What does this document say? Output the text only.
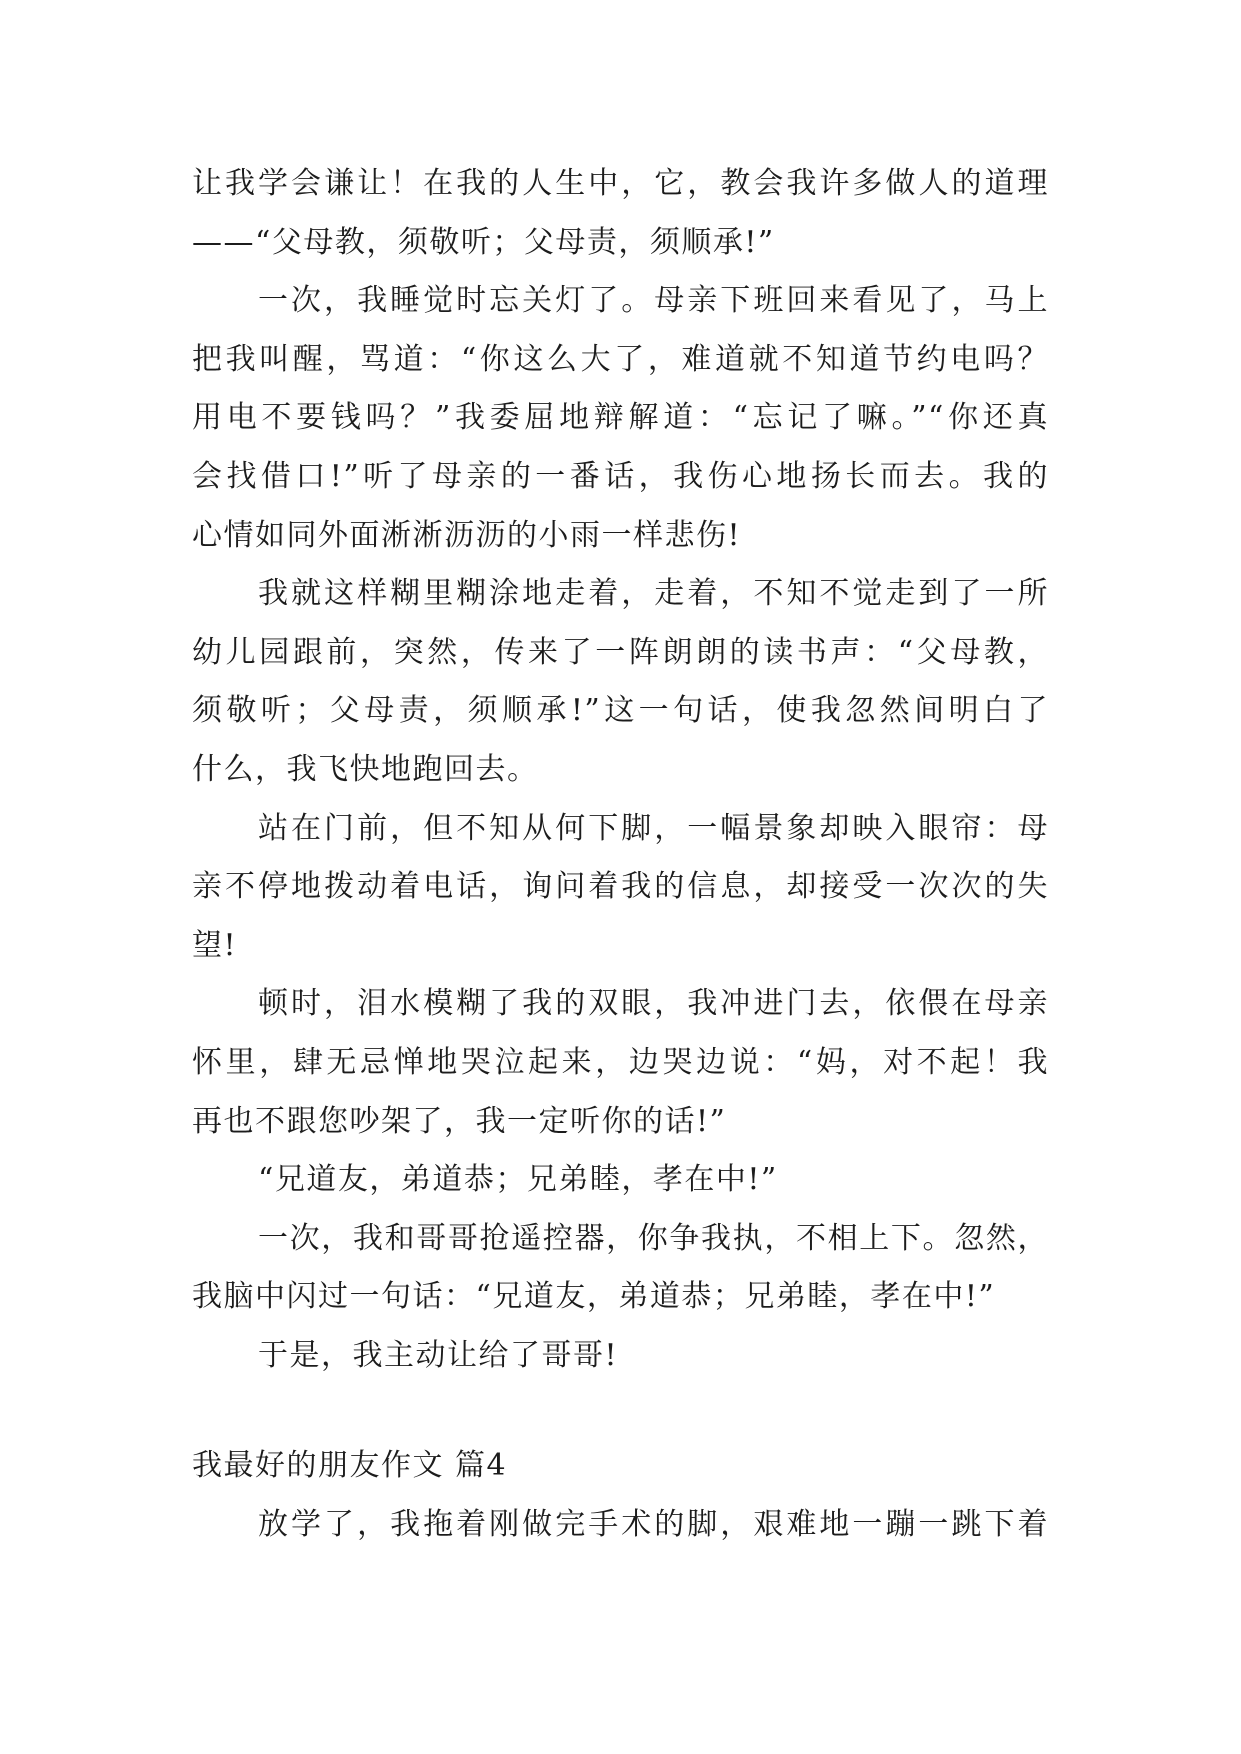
让我学会谦让！在我的人生中，它，教会我许多做人的道理
——“父母教，须敬听；父母责，须顺承!”
一次，我睡觉时忘关灯了。母亲下班回来看见了，马上
把我叫醒，骂道：“你这么大了，难道就不知道节约电吗？
用电不要钱吗？”我委屈地辩解道：“忘记了嘛。”“你还真
会找借口!”听了母亲的一番话，我伤心地扬长而去。我的
心情如同外面淅淅沥沥的小雨一样悲伤!
我就这样糊里糊涂地走着，走着，不知不觉走到了一所
幼儿园跟前，突然，传来了一阵朗朗的读书声：“父母教，
须敬听；父母责，须顺承!”这一句话，使我忽然间明白了
什么，我飞快地跑回去。
站在门前，但不知从何下脚，一幅景象却映入眼帘：母
亲不停地拨动着电话，询问着我的信息，却接受一次次的失
望!
顿时，泪水模糊了我的双眼，我冲进门去，依偎在母亲
怀里，肆无忌惮地哭泣起来，边哭边说：“妈，对不起！我
再也不跟您吵架了，我一定听你的话!”
“兄道友，弟道恭；兄弟睦，孝在中!”
一次，我和哥哥抢遥控器，你争我执，不相上下。忽然，
我脑中闪过一句话：“兄道友，弟道恭；兄弟睦，孝在中!”
于是，我主动让给了哥哥!
我最好的朋友作文 篇4
放学了，我拖着刚做完手术的脚，艰难地一蹦一跳下着
